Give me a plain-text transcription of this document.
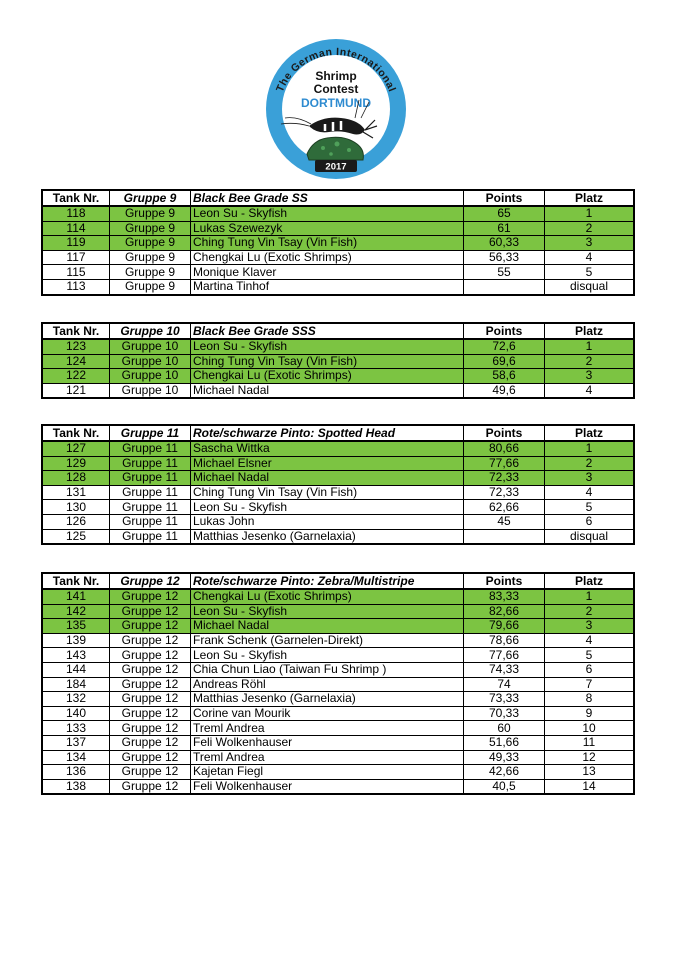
The German International
Shrimp
Contest
DORTMUND
2017
Tank Nr.	Gruppe 9	Black Bee Grade SS	Points	Platz
118	Gruppe 9	Leon Su - Skyfish	65	1
114	Gruppe 9	Lukas Szewezyk	61	2
119	Gruppe 9	Ching Tung Vin Tsay (Vin Fish)	60,33	3
117	Gruppe 9	Chengkai Lu (Exotic Shrimps)	56,33	4
115	Gruppe 9	Monique Klaver	55	5
113	Gruppe 9	Martina Tinhof		disqual
Tank Nr.	Gruppe 10	Black Bee Grade SSS	Points	Platz
123	Gruppe 10	Leon Su - Skyfish	72,6	1
124	Gruppe 10	Ching Tung Vin Tsay (Vin Fish)	69,6	2
122	Gruppe 10	Chengkai Lu (Exotic Shrimps)	58,6	3
121	Gruppe 10	Michael Nadal	49,6	4
Tank Nr.	Gruppe 11	Rote/schwarze Pinto: Spotted Head	Points	Platz
127	Gruppe 11	Sascha Wittka	80,66	1
129	Gruppe 11	Michael Elsner	77,66	2
128	Gruppe 11	Michael Nadal	72,33	3
131	Gruppe 11	Ching Tung Vin Tsay (Vin Fish)	72,33	4
130	Gruppe 11	Leon Su - Skyfish	62,66	5
126	Gruppe 11	Lukas John	45	6
125	Gruppe 11	Matthias Jesenko (Garnelaxia)		disqual
Tank Nr.	Gruppe 12	Rote/schwarze Pinto: Zebra/Multistripe	Points	Platz
141	Gruppe 12	Chengkai Lu (Exotic Shrimps)	83,33	1
142	Gruppe 12	Leon Su - Skyfish	82,66	2
135	Gruppe 12	Michael Nadal	79,66	3
139	Gruppe 12	Frank Schenk (Garnelen-Direkt)	78,66	4
143	Gruppe 12	Leon Su - Skyfish	77,66	5
144	Gruppe 12	Chia Chun Liao (Taiwan Fu Shrimp )	74,33	6
184	Gruppe 12	Andreas Röhl	74	7
132	Gruppe 12	Matthias Jesenko (Garnelaxia)	73,33	8
140	Gruppe 12	Corine van Mourik	70,33	9
133	Gruppe 12	Treml Andrea	60	10
137	Gruppe 12	Feli Wolkenhauser	51,66	11
134	Gruppe 12	Treml Andrea	49,33	12
136	Gruppe 12	Kajetan Fiegl	42,66	13
138	Gruppe 12	Feli Wolkenhauser	40,5	14
